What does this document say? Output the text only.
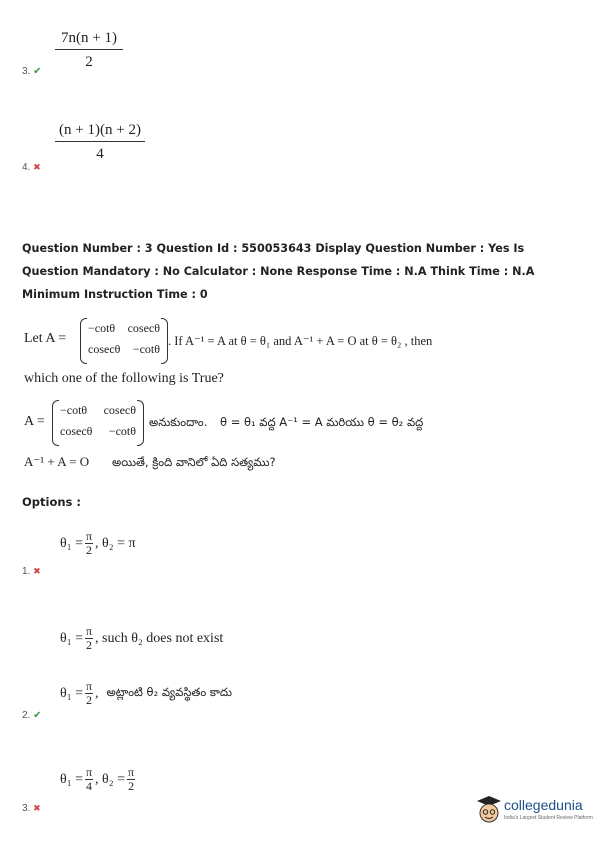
7n(n + 1)
2
3. ✔
(n + 1)(n + 2)
4
4. ✖
Question Number : 3 Question Id : 550053643 Display Question Number : Yes Is Question Mandatory : No Calculator : None Response Time : N.A Think Time : N.A Minimum Instruction Time : 0
Let A =
−cotθ cosecθ
cosecθ −cotθ
. If A⁻¹ = A at θ = θ₁ and A⁻¹ + A = O at θ = θ₂ , then
which one of the following is True?
A =
−cotθ cosecθ
cosecθ −cotθ
అనుకుందాం. θ = θ₁ వద్ద A⁻¹ = A మరియు θ = θ₂ వద్ద
A⁻¹ + A = O అయితే, క్రింది వానిలో ఏది సత్యము?
Options :
$\theta_1 = \frac{\pi}{2}$ , θ₂ = π
1. ✖
$\theta_1 = \frac{\pi}{2}$ , such θ₂ does not exist
$\theta_1 = \frac{\pi}{2}$ , అట్లాంటి θ₂ వ్యవస్థితం కాదు
2. ✔
$\theta_1 = \frac{\pi}{4}$ , $\theta_2 = \frac{\pi}{2}$
3. ✖	collegedunia
India's Largest Student Review Platform
